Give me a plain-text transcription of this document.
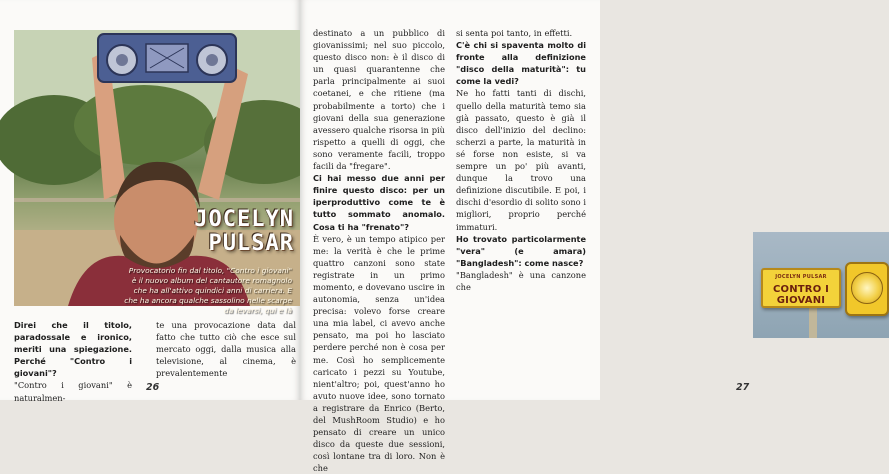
JOCELYN
PULSAR
Provocatorio fin dal titolo, "Contro i giovani" è il nuovo album del cantautore romagnolo che ha all'attivo quindici anni di carriera. E che ha ancora qualche sassolino nelle scarpe da levarsi, qui e là

Direi che il titolo, paradossale e ironico, meriti una spiegazione. Perché "Contro i giovani"?

"Contro i giovani" è naturalmen-

te una provocazione data dal fatto che tutto ciò che esce sul mercato oggi, dalla musica alla televisione, al cinema, è prevalentemente

26
JOCELYN PULSAR
CONTRO I GIOVANI
27

destinato a un pubblico di giovanissimi; nel suo piccolo, questo disco non: è il disco di un quasi quarantenne che parla principalmente ai suoi coetanei, e che ritiene (ma probabilmente a torto) che i giovani della sua generazione avessero qualche risorsa in più rispetto a quelli di oggi, che sono veramente facili, troppo facili da "fregare".

Ci hai messo due anni per finire questo disco: per un iperproduttivo come te è tutto sommato anomalo. Cosa ti ha "frenato"?

È vero, è un tempo atipico per me: la verità è che le prime quattro canzoni sono state registrate in un primo momento, e dovevano uscire in autonomia, senza un'idea precisa: volevo forse creare una mia label, ci avevo anche pensato, ma poi ho lasciato perdere perché non è cosa per me. Così ho semplicemente caricato i pezzi su Youtube, nient'altro; poi, quest'anno ho avuto nuove idee, sono tornato a registrare da Enrico (Berto, del MushRoom Studio) e ho pensato di creare un unico disco da queste due sessioni, così lontane tra di loro. Non è che

si senta poi tanto, in effetti.

C'è chi si spaventa molto di fronte alla definizione "disco della maturità": tu come la vedi?

Ne ho fatti tanti di dischi, quello della maturità temo sia già passato, questo è già il disco dell'inizio del declino: scherzi a parte, la maturità in sé forse non esiste, si va sempre un po' più avanti, dunque la trovo una definizione discutibile. E poi, i dischi d'esordio di solito sono i migliori, proprio perché immaturi.

Ho trovato particolarmente "vera" (e amara) "Bangladesh": come nasce?

"Bangladesh" è una canzone che
